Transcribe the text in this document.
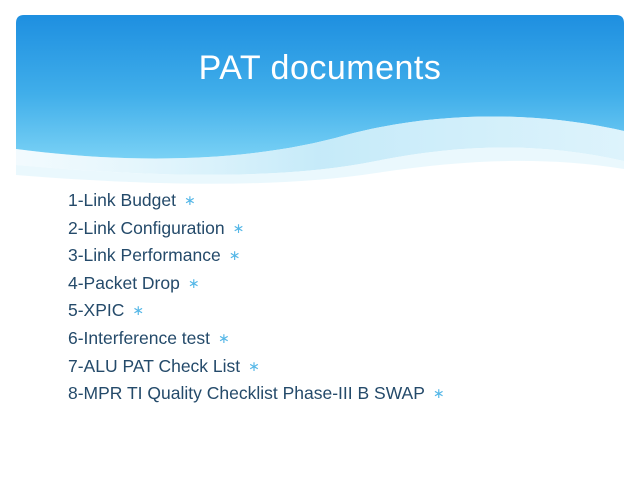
PAT documents
1-Link Budget ∗
2-Link Configuration ∗
3-Link Performance ∗
4-Packet Drop ∗
5-XPIC ∗
6-Interference test ∗
7-ALU PAT Check List ∗
8-MPR TI Quality Checklist Phase-III B SWAP ∗
